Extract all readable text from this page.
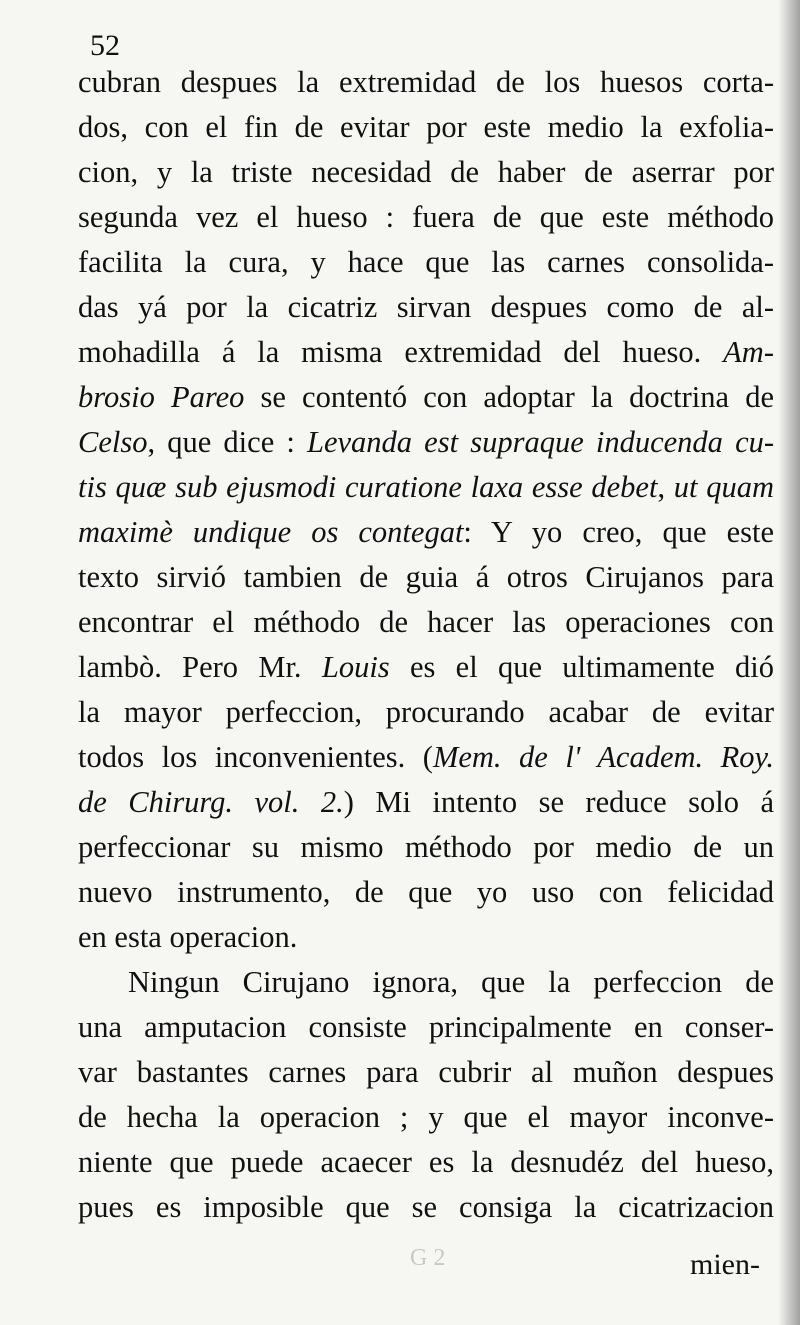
52

cubran despues la extremidad de los huesos corta-
dos, con el fin de evitar por este medio la exfolia-
cion, y la triste necesidad de haber de aserrar por
segunda vez el hueso : fuera de que este méthodo
facilita la cura, y hace que las carnes consolida-
das yá por la cicatriz sirvan despues como de al-
mohadilla á la misma extremidad del hueso. Am-
brosio Pareo se contentó con adoptar la doctrina de
Celso, que dice : Levanda est supraque inducenda cu-
tis quæ sub ejusmodi curatione laxa esse debet, ut quam
maximè undique os contegat: Y yo creo, que este
texto sirvió tambien de guia á otros Cirujanos para
encontrar el méthodo de hacer las operaciones con
lambò. Pero Mr. Louis es el que ultimamente dió
la mayor perfeccion, procurando acabar de evitar
todos los inconvenientes. (Mem. de l' Academ. Roy.
de Chirurg. vol. 2.) Mi intento se reduce solo á
perfeccionar su mismo méthodo por medio de un
nuevo instrumento, de que yo uso con felicidad
en esta operacion.
Ningun Cirujano ignora, que la perfeccion de
una amputacion consiste principalmente en conser-
var bastantes carnes para cubrir al muñon despues
de hecha la operacion ; y que el mayor inconve-
niente que puede acaecer es la desnudéz del hueso,
pues es imposible que se consiga la cicatrizacion

G 2	mien-
